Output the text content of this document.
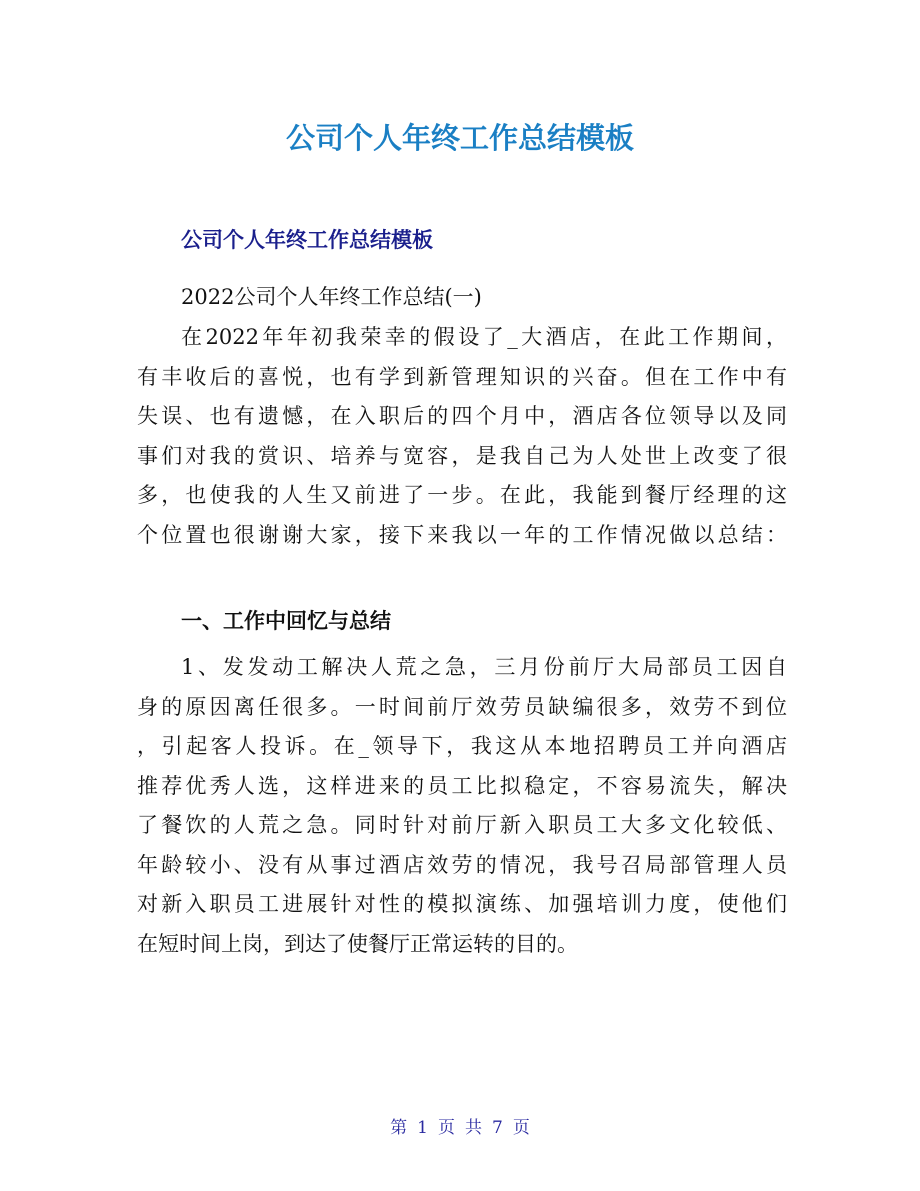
公司个人年终工作总结模板
公司个人年终工作总结模板
2022公司个人年终工作总结(一)
在2022年年初我荣幸的假设了_大酒店，在此工作期间，
有丰收后的喜悦，也有学到新管理知识的兴奋。但在工作中有
失误、也有遗憾，在入职后的四个月中，酒店各位领导以及同
事们对我的赏识、培养与宽容，是我自己为人处世上改变了很
多，也使我的人生又前进了一步。在此，我能到餐厅经理的这
个位置也很谢谢大家，接下来我以一年的工作情况做以总结：
一、工作中回忆与总结
1、发发动工解决人荒之急，三月份前厅大局部员工因自
身的原因离任很多。一时间前厅效劳员缺编很多，效劳不到位
，引起客人投诉。在_领导下，我这从本地招聘员工并向酒店
推荐优秀人选，这样进来的员工比拟稳定，不容易流失，解决
了餐饮的人荒之急。同时针对前厅新入职员工大多文化较低、
年龄较小、没有从事过酒店效劳的情况，我号召局部管理人员
对新入职员工进展针对性的模拟演练、加强培训力度，使他们
在短时间上岗，到达了使餐厅正常运转的目的。
第 1 页 共 7 页
